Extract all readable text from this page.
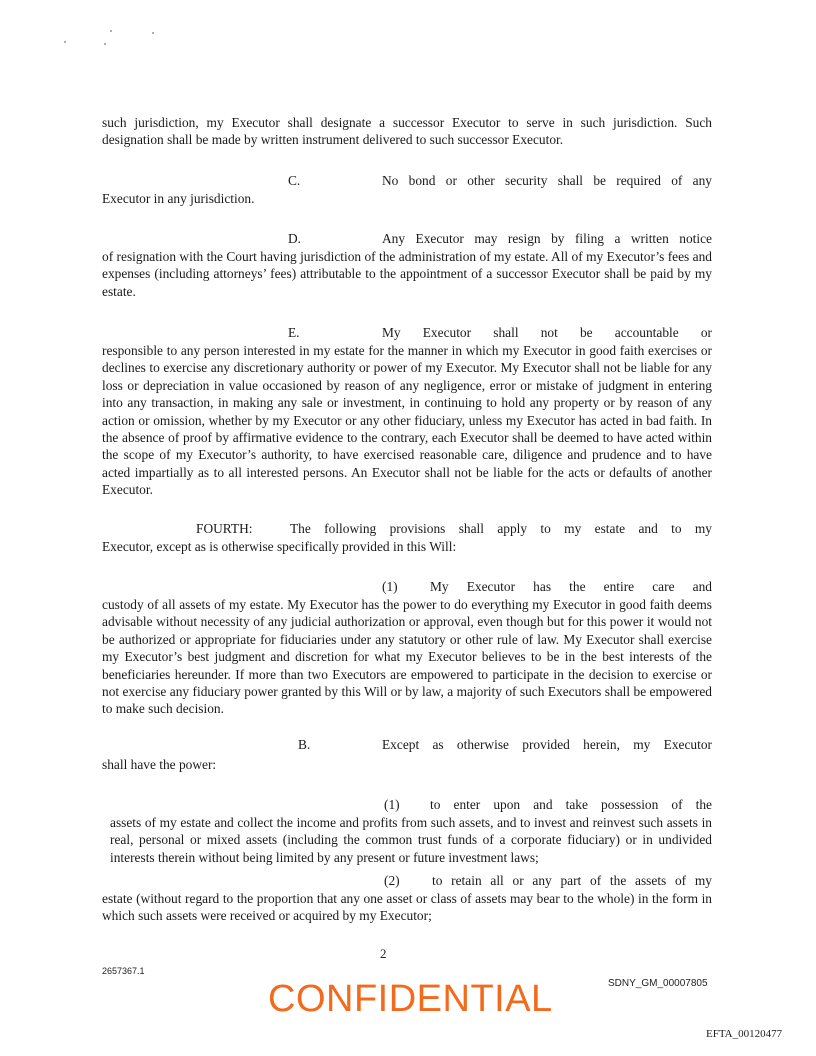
such jurisdiction, my Executor shall designate a successor Executor to serve in such jurisdiction. Such designation shall be made by written instrument delivered to such successor Executor.

C.	No bond or other security shall be required of any

Executor in any jurisdiction.

D.	Any Executor may resign by filing a written notice

of resignation with the Court having jurisdiction of the administration of my estate. All of my Executor’s fees and expenses (including attorneys’ fees) attributable to the appointment of a successor Executor shall be paid by my estate.

E.	My Executor shall not be accountable or

responsible to any person interested in my estate for the manner in which my Executor in good faith exercises or declines to exercise any discretionary authority or power of my Executor. My Executor shall not be liable for any loss or depreciation in value occasioned by reason of any negligence, error or mistake of judgment in entering into any transaction, in making any sale or investment, in continuing to hold any property or by reason of any action or omission, whether by my Executor or any other fiduciary, unless my Executor has acted in bad faith. In the absence of proof by affirmative evidence to the contrary, each Executor shall be deemed to have acted within the scope of my Executor’s authority, to have exercised reasonable care, diligence and prudence and to have acted impartially as to all interested persons. An Executor shall not be liable for the acts or defaults of another Executor.

FOURTH:	The following provisions shall apply to my estate and to my

Executor, except as is otherwise specifically provided in this Will:

(1) My Executor has the entire care and

custody of all assets of my estate. My Executor has the power to do everything my Executor in good faith deems advisable without necessity of any judicial authorization or approval, even though but for this power it would not be authorized or appropriate for fiduciaries under any statutory or other rule of law. My Executor shall exercise my Executor’s best judgment and discretion for what my Executor believes to be in the best interests of the beneficiaries hereunder. If more than two Executors are empowered to participate in the decision to exercise or not exercise any fiduciary power granted by this Will or by law, a majority of such Executors shall be empowered to make such decision.

B.	Except as otherwise provided herein, my Executor

shall have the power:

(1) to enter upon and take possession of the

assets of my estate and collect the income and profits from such assets, and to invest and reinvest such assets in real, personal or mixed assets (including the common trust funds of a corporate fiduciary) or in undivided interests therein without being limited by any present or future investment laws;

(2) to retain all or any part of the assets of my

estate (without regard to the proportion that any one asset or class of assets may bear to the whole) in the form in which such assets were received or acquired by my Executor;

2
2657367.1
SDNY_GM_00007805
CONFIDENTIAL
EFTA_00120477
